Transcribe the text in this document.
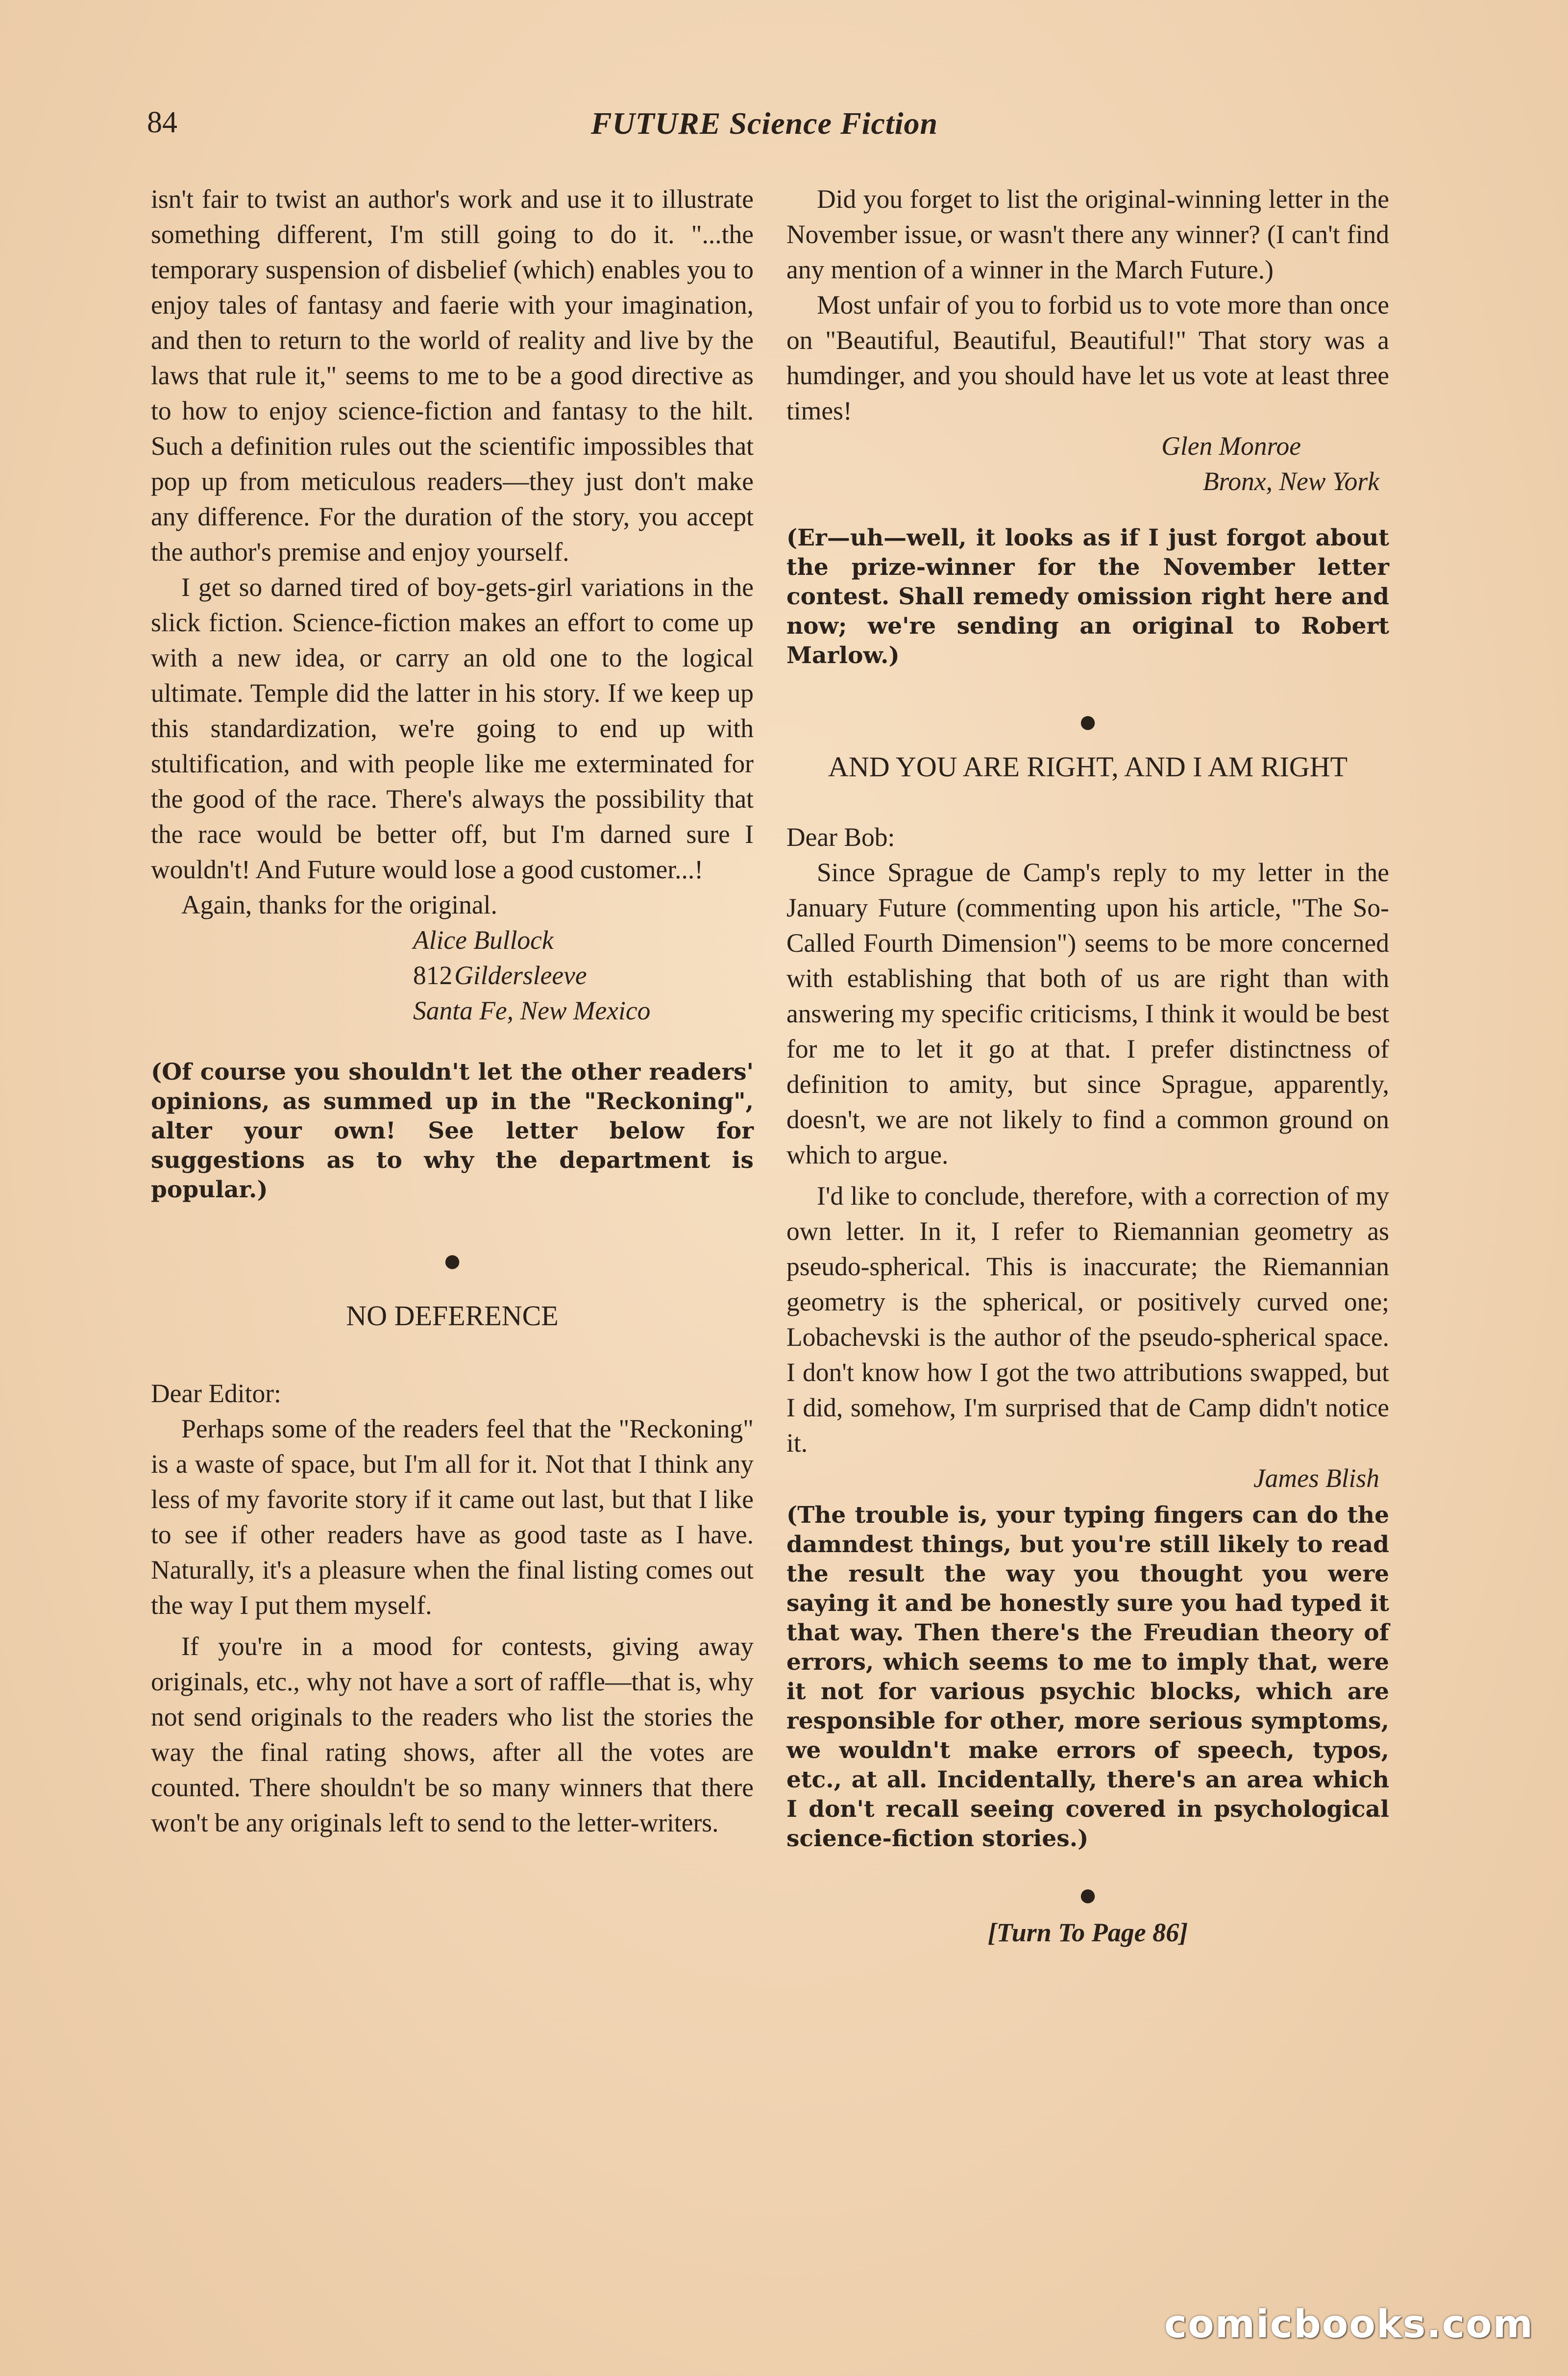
84	FUTURE Science Fiction

isn't fair to twist an author's work and use it to illustrate something different, I'm still going to do it. "...the temporary suspension of disbelief (which) enables you to enjoy tales of fantasy and faerie with your imagination, and then to return to the world of reality and live by the laws that rule it," seems to me to be a good directive as to how to enjoy science-fiction and fantasy to the hilt. Such a definition rules out the scientific impossibles that pop up from meticulous readers—they just don't make any difference. For the duration of the story, you accept the author's premise and enjoy yourself.

I get so darned tired of boy-gets-girl variations in the slick fiction. Science-fiction makes an effort to come up with a new idea, or carry an old one to the logical ultimate. Temple did the latter in his story. If we keep up this standardization, we're going to end up with stultification, and with people like me exterminated for the good of the race. There's always the possibility that the race would be better off, but I'm darned sure I wouldn't! And Future would lose a good customer...!

Again, thanks for the original.

Alice Bullock
812 Gildersleeve
Santa Fe, New Mexico
(Of course you shouldn't let the other readers' opinions, as summed up in the "Reckoning", alter your own! See letter below for suggestions as to why the department is popular.)
●
NO DEFERENCE
Dear Editor:

Perhaps some of the readers feel that the "Reckoning" is a waste of space, but I'm all for it. Not that I think any less of my favorite story if it came out last, but that I like to see if other readers have as good taste as I have. Naturally, it's a pleasure when the final listing comes out the way I put them myself.

If you're in a mood for contests, giving away originals, etc., why not have a sort of raffle—that is, why not send originals to the readers who list the stories the way the final rating shows, after all the votes are counted. There shouldn't be so many winners that there won't be any originals left to send to the letter-writers.

Did you forget to list the original-winning letter in the November issue, or wasn't there any winner? (I can't find any mention of a winner in the March Future.)

Most unfair of you to forbid us to vote more than once on "Beautiful, Beautiful, Beautiful!" That story was a humdinger, and you should have let us vote at least three times!

Glen Monroe
Bronx, New York
(Er—uh—well, it looks as if I just forgot about the prize-winner for the November letter contest. Shall remedy omission right here and now; we're sending an original to Robert Marlow.)
●
AND YOU ARE RIGHT, AND I AM RIGHT
Dear Bob:

Since Sprague de Camp's reply to my letter in the January Future (commenting upon his article, "The So-Called Fourth Dimension") seems to be more concerned with establishing that both of us are right than with answering my specific criticisms, I think it would be best for me to let it go at that. I prefer distinctness of definition to amity, but since Sprague, apparently, doesn't, we are not likely to find a common ground on which to argue.

I'd like to conclude, therefore, with a correction of my own letter. In it, I refer to Riemannian geometry as pseudo-spherical. This is inaccurate; the Riemannian geometry is the spherical, or positively curved one; Lobachevski is the author of the pseudo-spherical space. I don't know how I got the two attributions swapped, but I did, somehow, I'm surprised that de Camp didn't notice it.

James Blish
(The trouble is, your typing fingers can do the damndest things, but you're still likely to read the result the way you thought you were saying it and be honestly sure you had typed it that way. Then there's the Freudian theory of errors, which seems to me to imply that, were it not for various psychic blocks, which are responsible for other, more serious symptoms, we wouldn't make errors of speech, typos, etc., at all. Incidentally, there's an area which I don't recall seeing covered in psychological science-fiction stories.)
●
[Turn To Page 86]
comicbooks.com
